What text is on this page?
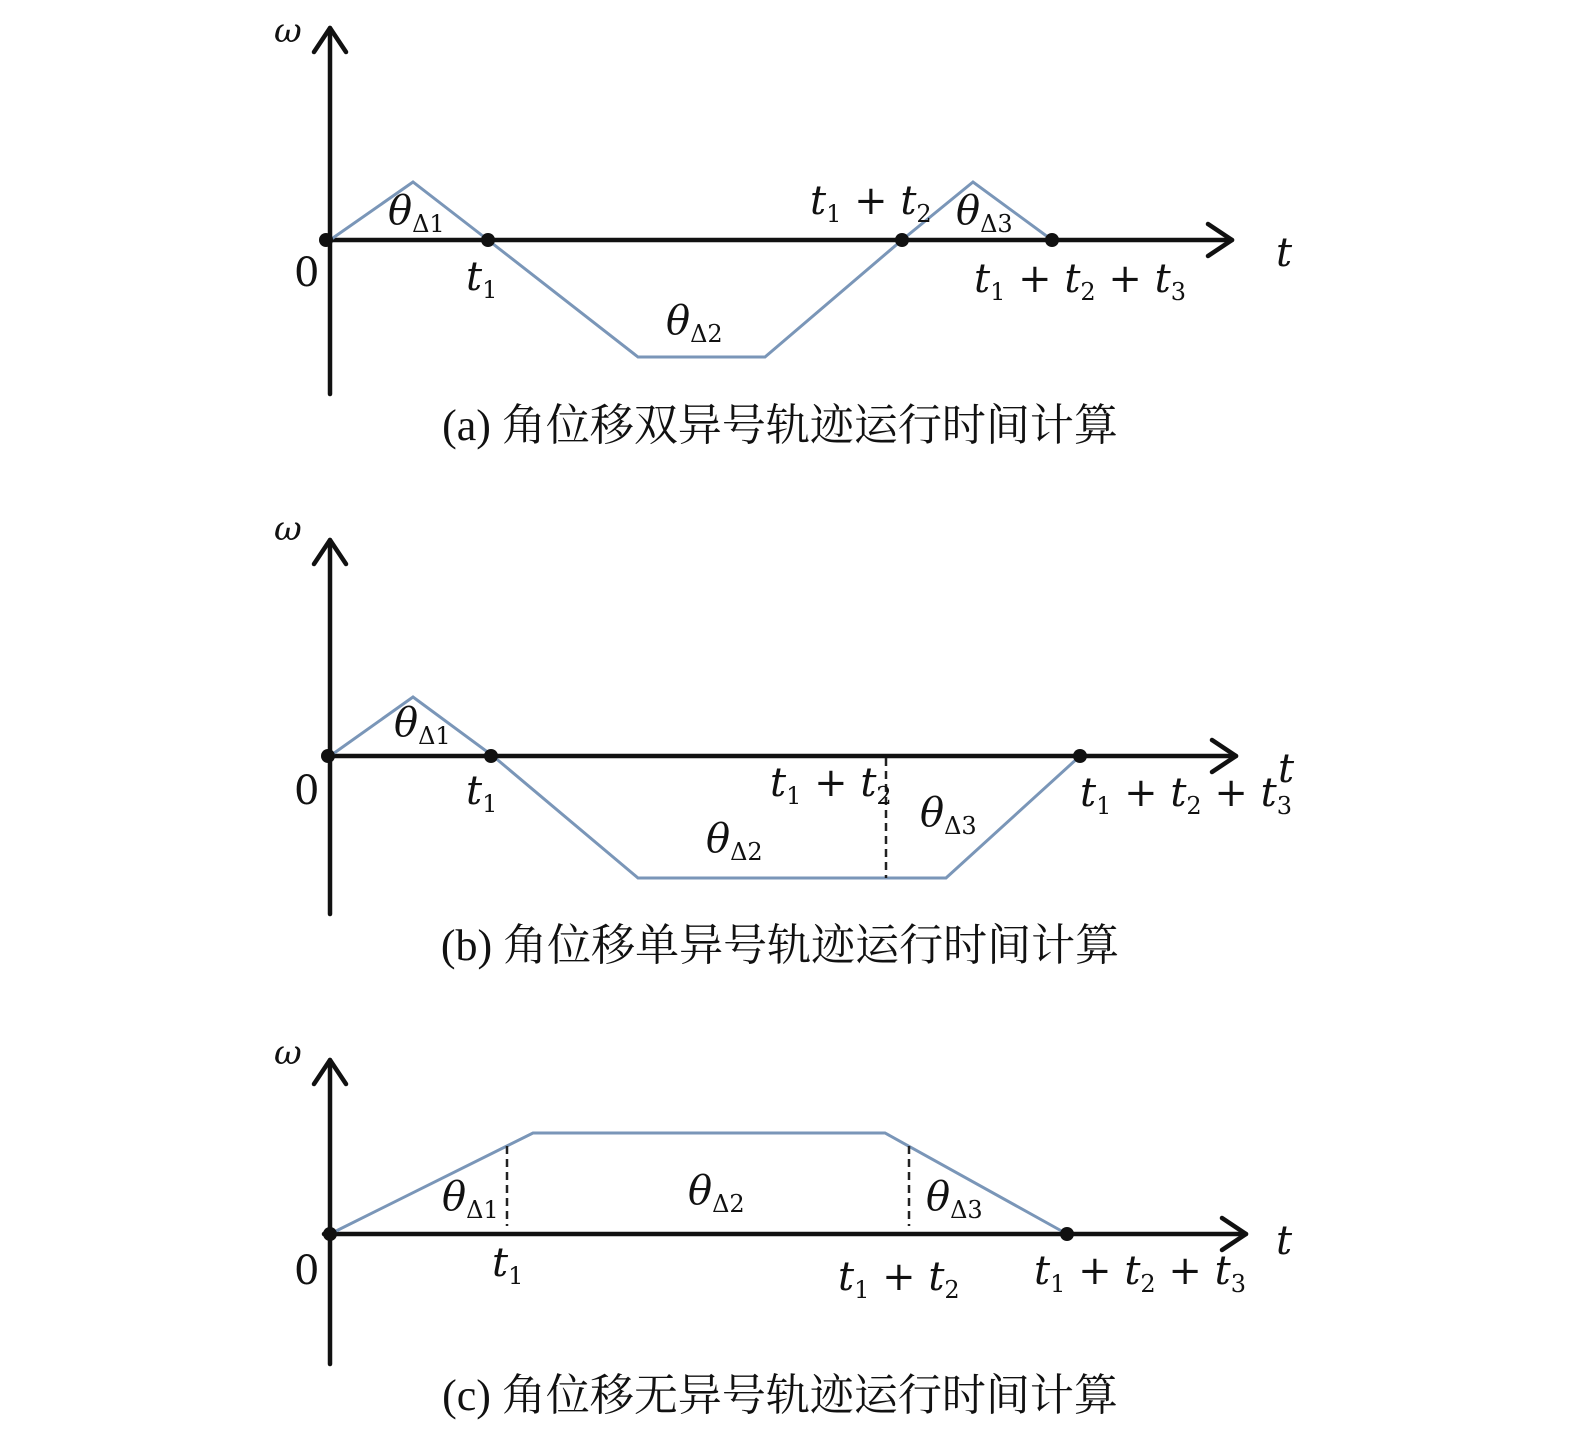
ω
t
0	$t_1$
$t_1 + t_2$
$t_1 + t_2 + t_3$
$\theta_{\Delta 1}$
$\theta_{\Delta 2}$
$\theta_{\Delta 3}$
(a) 角位移双异号轨迹运行时间计算
ω
t
0	$t_1$	$t_1 + t_2$	$t_1 + t_2 + t_3$
$\theta_{\Delta 1}$
$\theta_{\Delta 2}$
$\theta_{\Delta 3}$
(b) 角位移单异号轨迹运行时间计算
ω
t
0	$t_1$	$t_1 + t_2$ $t_1 + t_2 + t_3$
$\theta_{\Delta 1}$	$\theta_{\Delta 2}$	$\theta_{\Delta 3}$
(c) 角位移无异号轨迹运行时间计算
